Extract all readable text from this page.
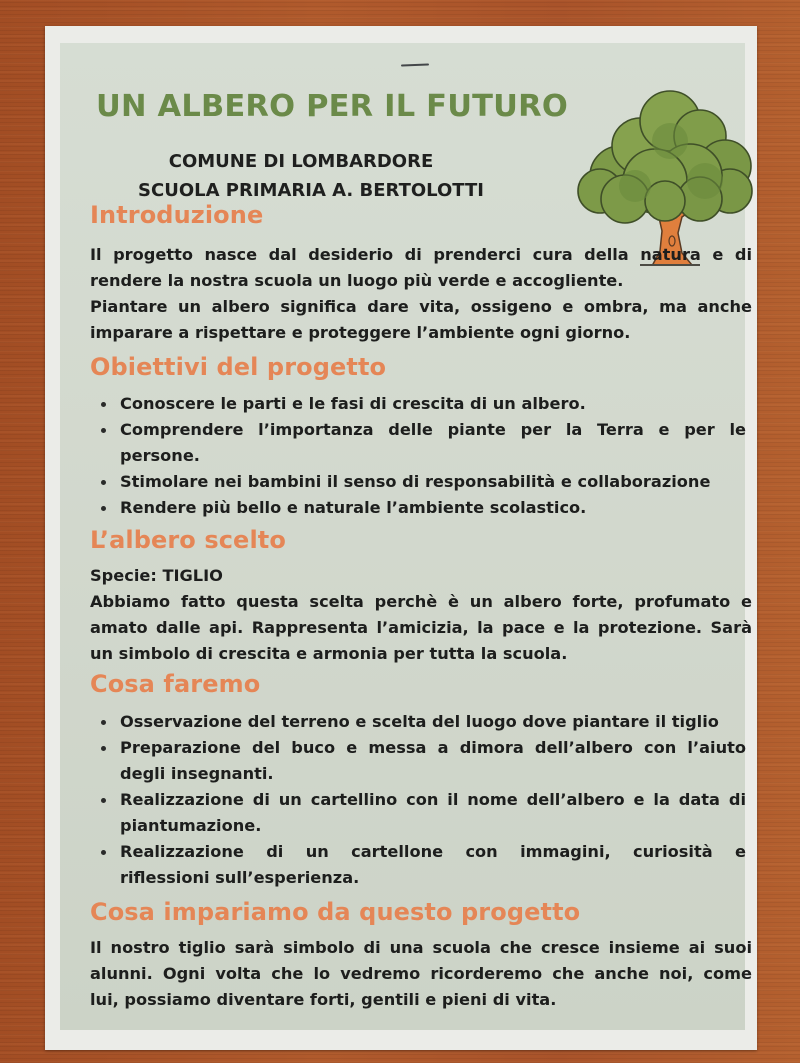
UN ALBERO PER IL FUTURO
COMUNE DI LOMBARDORE
SCUOLA PRIMARIA A. BERTOLOTTI
Introduzione
Il progetto nasce dal desiderio di prenderci cura della natura e di
rendere la nostra scuola un luogo più verde e accogliente.
Piantare un albero significa dare vita, ossigeno e ombra, ma anche
imparare a rispettare e proteggere l’ambiente ogni giorno.
Obiettivi del progetto
Conoscere le parti e le fasi di crescita di un albero.
Comprendere l’importanza delle piante per la Terra e per le
persone.
Stimolare nei bambini il senso di responsabilità e collaborazione
Rendere più bello e naturale l’ambiente scolastico.
L’albero scelto
Specie: TIGLIO
Abbiamo fatto questa scelta perchè è un albero forte, profumato e
amato dalle api. Rappresenta l’amicizia, la pace e la protezione. Sarà
un simbolo di crescita e armonia per tutta la scuola.
Cosa faremo
Osservazione del terreno e scelta del luogo dove piantare il tiglio
Preparazione del buco e messa a dimora dell’albero con l’aiuto
degli insegnanti.
Realizzazione di un cartellino con il nome dell’albero e la data di
piantumazione.
Realizzazione di un cartellone con immagini, curiosità e
riflessioni sull’esperienza.
Cosa impariamo da questo progetto
Il nostro tiglio sarà simbolo di una scuola che cresce insieme ai suoi
alunni. Ogni volta che lo vedremo ricorderemo che anche noi, come
lui, possiamo diventare forti, gentili e pieni di vita.
